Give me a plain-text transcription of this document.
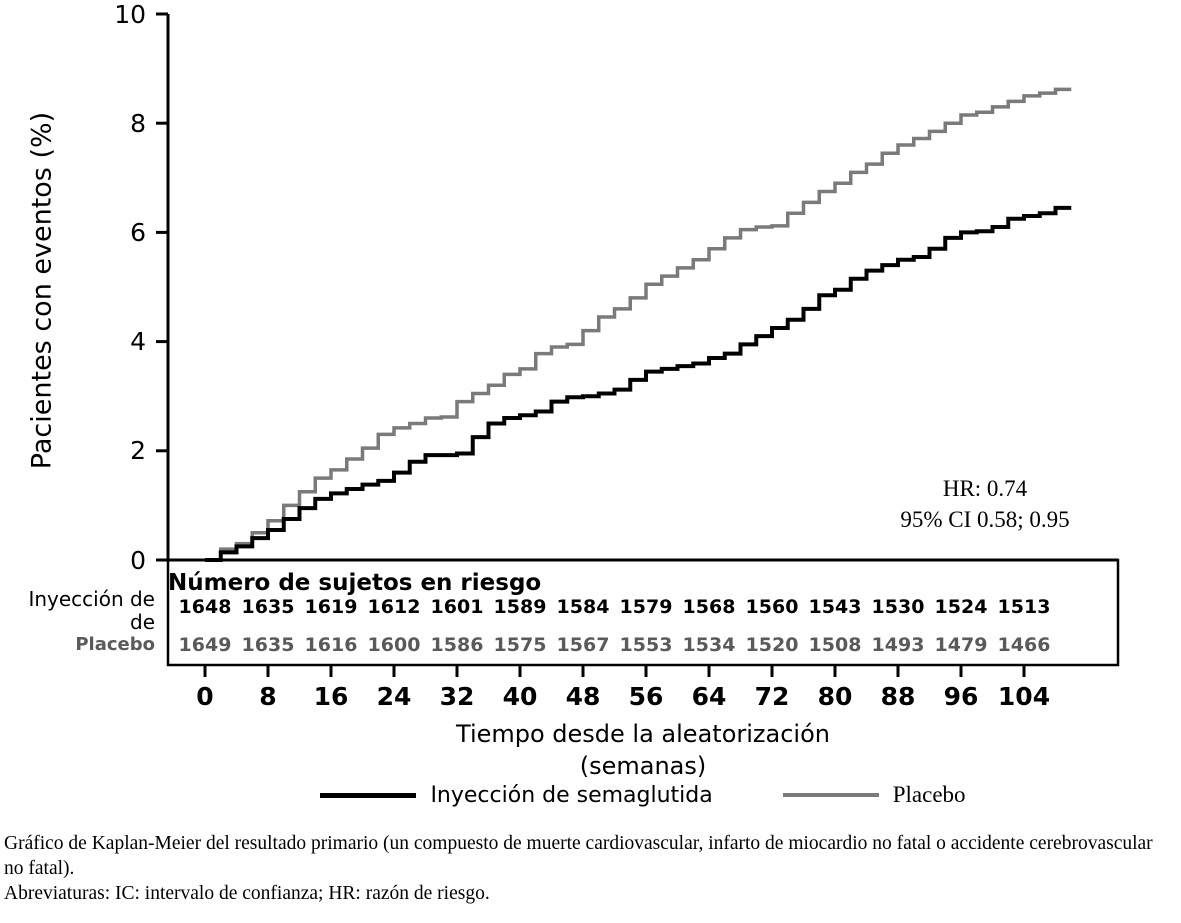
Pacientes con eventos (%)
10
8
6
4
2
0
0 8 16 24 32 40 48 56 64 72 80 88 96 104
HR: 0.74
95% CI 0.58; 0.95
Número de sujetos en riesgo
Inyección de
de
Placebo
1648 1635 1619 1612 1601 1589 1584 1579 1568 1560 1543 1530 1524 1513
1649 1635 1616 1600 1586 1575 1567 1553 1534 1520 1508 1493 1479 1466
Tiempo desde la aleatorización
(semanas)
Inyección de semaglutida	Placebo

Gráfico de Kaplan-Meier del resultado primario (un compuesto de muerte cardiovascular, infarto de miocardio no fatal o accidente cerebrovascular no fatal).

Abreviaturas: IC: intervalo de confianza; HR: razón de riesgo.
